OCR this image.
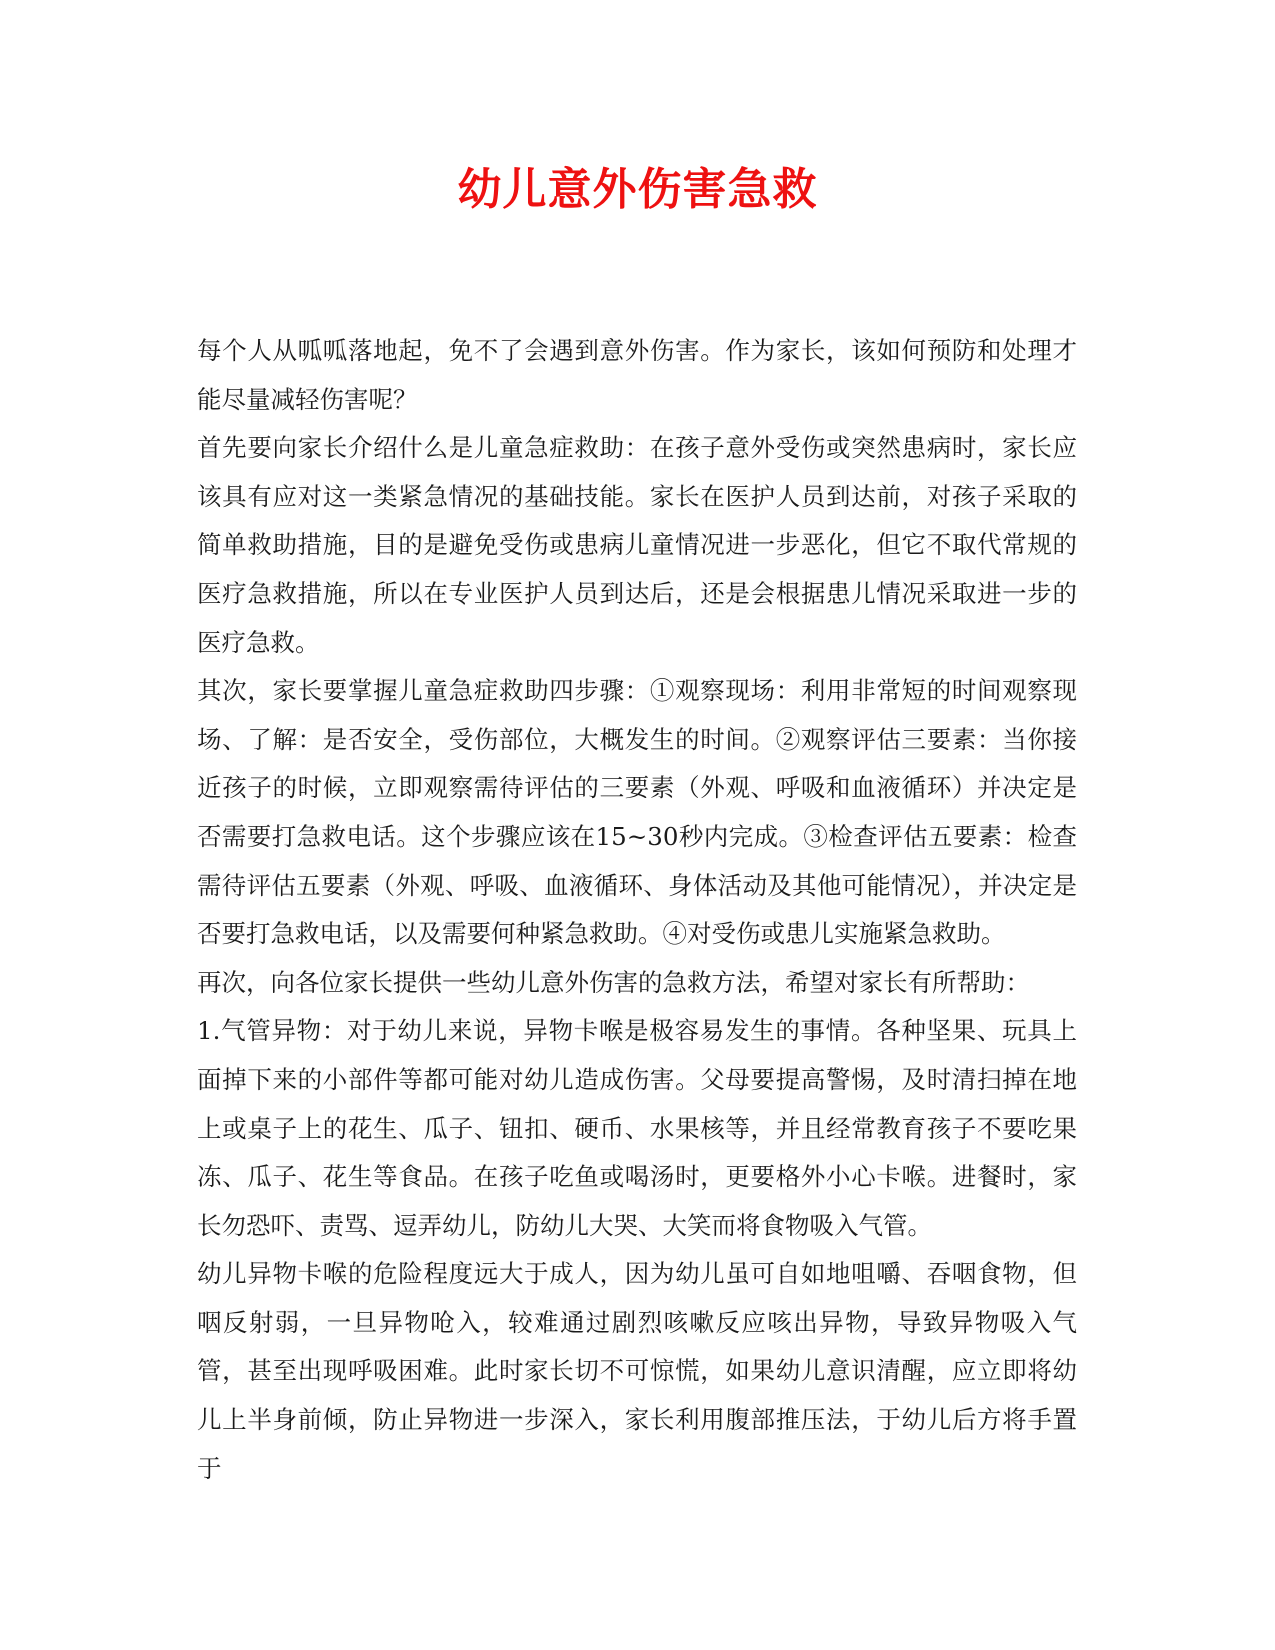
幼儿意外伤害急救

每个人从呱呱落地起，免不了会遇到意外伤害。作为家长，该如何预防和处理才能尽量减轻伤害呢？

首先要向家长介绍什么是儿童急症救助：在孩子意外受伤或突然患病时，家长应该具有应对这一类紧急情况的基础技能。家长在医护人员到达前，对孩子采取的简单救助措施，目的是避免受伤或患病儿童情况进一步恶化，但它不取代常规的医疗急救措施，所以在专业医护人员到达后，还是会根据患儿情况采取进一步的医疗急救。

其次，家长要掌握儿童急症救助四步骤：①观察现场：利用非常短的时间观察现场、了解：是否安全，受伤部位，大概发生的时间。②观察评估三要素：当你接近孩子的时候，立即观察需待评估的三要素（外观、呼吸和血液循环）并决定是否需要打急救电话。这个步骤应该在15~30秒内完成。③检查评估五要素：检查需待评估五要素（外观、呼吸、血液循环、身体活动及其他可能情况），并决定是否要打急救电话，以及需要何种紧急救助。④对受伤或患儿实施紧急救助。

再次，向各位家长提供一些幼儿意外伤害的急救方法，希望对家长有所帮助：

1.气管异物：对于幼儿来说，异物卡喉是极容易发生的事情。各种坚果、玩具上面掉下来的小部件等都可能对幼儿造成伤害。父母要提高警惕，及时清扫掉在地上或桌子上的花生、瓜子、钮扣、硬币、水果核等，并且经常教育孩子不要吃果冻、瓜子、花生等食品。在孩子吃鱼或喝汤时，更要格外小心卡喉。进餐时，家长勿恐吓、责骂、逗弄幼儿，防幼儿大哭、大笑而将食物吸入气管。

幼儿异物卡喉的危险程度远大于成人，因为幼儿虽可自如地咀嚼、吞咽食物，但咽反射弱，一旦异物呛入，较难通过剧烈咳嗽反应咳出异物，导致异物吸入气管，甚至出现呼吸困难。此时家长切不可惊慌，如果幼儿意识清醒，应立即将幼儿上半身前倾，防止异物进一步深入，家长利用腹部推压法，于幼儿后方将手置于
